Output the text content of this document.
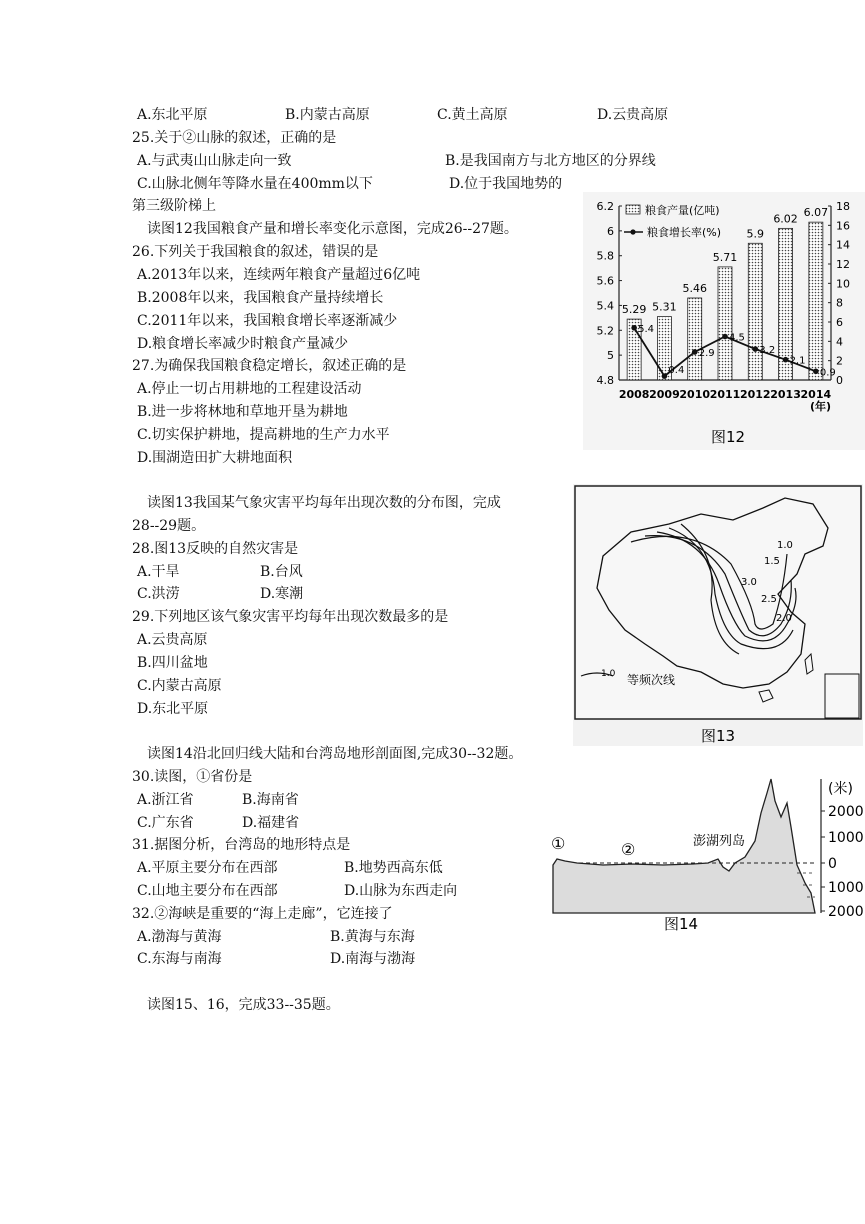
A.东北平原	B.内蒙古高原	C.黄土高原	D.云贵高原
25.关于②山脉的叙述，正确的是
A.与武夷山山脉走向一致	B.是我国南方与北方地区的分界线
C.山脉北侧年等降水量在400mm以下	D.位于我国地势的
第三级阶梯上
读图12我国粮食产量和增长率变化示意图，完成26--27题。
26.下列关于我国粮食的叙述，错误的是
A.2013年以来，连续两年粮食产量超过6亿吨
B.2008年以来，我国粮食产量持续增长
C.2011年以来，我国粮食增长率逐渐减少
D.粮食增长率减少时粮食产量减少
27.为确保我国粮食稳定增长，叙述正确的是
A.停止一切占用耕地的工程建设活动
B.进一步将林地和草地开垦为耕地
C.切实保护耕地，提高耕地的生产力水平
D.围湖造田扩大耕地面积
读图13我国某气象灾害平均每年出现次数的分布图，完成
28--29题。
28.图13反映的自然灾害是
A.干旱	B.台风
C.洪涝	D.寒潮
29.下列地区该气象灾害平均每年出现次数最多的是
A.云贵高原
B.四川盆地
C.内蒙古高原
D.东北平原
读图14沿北回归线大陆和台湾岛地形剖面图,完成30--32题。
30.读图，①省份是
A.浙江省	B.海南省
C.广东省	D.福建省
31.据图分析，台湾岛的地形特点是
A.平原主要分布在西部	B.地势西高东低
C.山地主要分布在西部	D.山脉为东西走向
32.②海峡是重要的“海上走廊”，它连接了
A.渤海与黄海	B.黄海与东海
C.东海与南海	D.南海与渤海
读图15、16，完成33--35题。
粮食产量(亿吨)
粮食增长率(%)
4.8
5
5.2
5.4
5.6
5.8
6
6.2
0
2
4
6
8
10
12
14
16
18
2008 2009 2010 2011 2012 2013 2014
5.29 5.31
5.46
5.71
5.9
6.02 6.07
5.4
0.4
2.9
4.5
3.2
2.1
0.9
(年)
图12
1.0
1.5
3.0
2.5
2.0
1.0 等频次线
图13
2000
1000
0
1000
2000
(米)
①	②	澎湖列岛
图14
